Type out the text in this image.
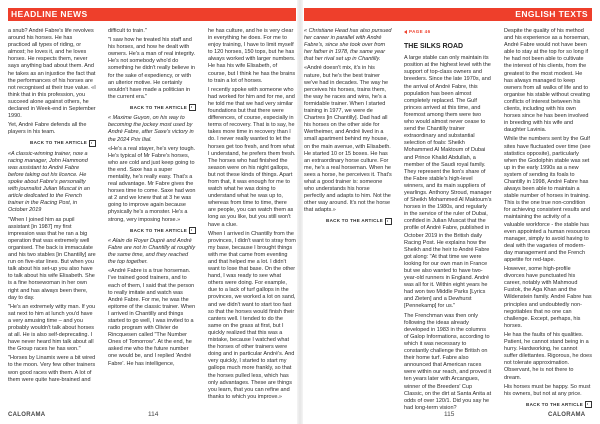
HEADLINE NEWS

a snub? André Fabre's life revolves around his horses. He has practiced all types of riding, or almost; he loves it, and he loves horses. He respects them, never says anything bad about them. And he takes as an injustice the fact that the performances of his horses are not recognised at their true value. «I think that in this profession, you succeed alone against others, he declared in Week-end in September 1990.

Yet, André Fabre defends all the players in his team.

BACK TO THE ARTICLE

«A classic-winning trainer, now a racing manager, John Hammond was assistant to André Fabre before taking out his licence. He spoke about Fabre's personality with journalist Julian Muscat in an article dedicated to the French trainer in the Racing Post, in October 2019

"When I joined him as pupil assistant [in 1987] my first impression was that he ran a big operation that was extremely well organised. The back is immaculate and his two stables [in Chantilly] are run on five-star lines. But when you talk about his set-up you also have to talk about his wife Elisabeth. She is a fine horsewoman in her own right and has always been there, day to day.

"He's an extremely witty man. If you sat next to him at lunch you'd have a very amusing time – and you probably wouldn't talk about horses at all. He is also self-deprecating. I have never heard him talk about all the Group races he has won."

"Horses by Linamix were a bit wired to the moon. Very few other trainers won good races with them. A lot of them were quite hare-brained and

difficult to train."

"I saw how he treated his staff and his horses, and how he dealt with owners. He's a man of real integrity. He's not somebody who'd do something he didn't really believe in for the sake of expediency, or with an ulterior motive. He certainly wouldn't have made a politician in the current era."

BACK TO THE ARTICLE

« Maxime Guyon, on his way to becoming the jockey most used by André Fabre, after Saxe's victory in the 2024 Prix Ilial.

«He's a real stayer, he's very tough. He's typical of Mr Fabre's horses, who are cold and just keep going to the end. Saxe has a super mentality, he's really easy. That's a real advantage. Mr Fabre gives the horses time to come. Saxe had won at 2 and we knew that at 3 he was going to improve again because physically he's a monster. He's a strong, very imposing horse.»

BACK TO THE ARTICLE

« Alain de Royer Dupré and André Fabre are not in Chantilly at roughly the same time, and they reached the top together.

«André Fabre is a true horseman. I've trained good trainers, and to each of them, I said that the person to really imitate and watch was André Fabre. For me, he was the epitome of the classic trainer. When I arrived in Chantilly and things started to go well, I was invited to a radio program with Olivier de Rincquesen called "The Number Ones of Tomorrow". At the end, he asked me who the future number one would be, and I replied 'André Fabre'. He has intelligence,

he has culture, and he is very clear in everything he does. For me to enjoy training, I have to limit myself to 120 horses, 150 tops, but he has always worked with larger numbers. He has his wife Elisabeth, of course, but I think he has the brains to train a lot of horses.

I recently spoke with someone who had worked for him and for me, and he told me that we had very similar foundations but that there were differences, of course, especially in terms of recovery. That is to say, he takes more time in recovery than I do. I never really wanted to let the horses get too fresh, and from what I understand, he prefers them fresh. The horses who had finished the season were on his night gallops, but not these kinds of things. Apart from that, it was enough for me to watch what he was doing to understand what he was up to, whereas from time to time, there are people, you can watch them as long as you like, but you still won't have a clue.

When I arrived in Chantilly from the provinces, I didn't want to stray from my base, because I brought things with me that came from eventing and that helped me a lot. I didn't want to lose that base. On the other hand, I was ready to see what others were doing. For example, due to a lack of turf gallops in the provinces, we worked a lot on sand, and we didn't want to start too fast so that the horses would finish their canters well. I tended to do the same on the grass at first, but I quickly realized that this was a mistake, because I watched what the horses of other trainers were doing and in particular André's. And very quickly, I started to start my gallops much more frankly, so that the horses pulled less, which has only advantages. These are things you learn, that you can refine and thanks to which you improve.»

CALORAMA	114
ENGLISH TEXTS

« Christiane Head has also pursued her career in parallel with André Fabre's, since she took over from her father in 1978, the same year that her rival set up in Chantilly.

«André doesn't mix, it's in his nature, but he's the best trainer we've had in decades. The way he perceives his horses, trains them, the way he races and wins, he's a formidable trainer. When I started training in 1977, we were de Chartres [in Chantilly]. Dad had all his horses on the other side for Wertheimer, and André lived in a small apartment behind my house, on the main avenue, with Elisabeth. He started 10 or 15 boxes. He has an extraordinary horse culture. For me, he's a real horseman. When he sees a horse, he perceives it. That's what a good trainer is: someone who understands his horse perfectly and adapts to him. Not the other way around. It's not the horse that adapts.»

BACK TO THE ARTICLE
PAGE 46
THE SILKS ROAD

A large stable can only maintain its position at the highest level with the support of top-class owners and breeders. Since the late 1970s, and the arrival of André Fabre, this population has been almost completely replaced. The Gulf princes arrived at this time, and foremost among them were two who would almost never cease to send the Chantilly trainer extraordinary and substantial selection of foals: Sheikh Mohammed Al Maktoum of Dubai and Prince Khalid Abdullah, a member of the Saudi royal family. They represent the lion's share of the Fabre stable's high-level winners, and its main suppliers of yearlings. Anthony Stroud, manager of Sheikh Mohammed Al Maktoum's horses in the 1980s, and regularly in the service of the ruler of Dubai, confided in Julian Muscat that the profile of André Fabre, published in October 2019 in the British daily Racing Post. He explains how the Sheikh and the heir to André Fabre got along: "At that time we were looking for our own man in France but we also wanted to have two-year-old runners in England. André was all for it. Within eight years he had won two Middle Parks [Lyrics and Zieten] and a Dewhurst [Pennekamp] for us."

The Frenchman was then only following the ideas already developed in 1983 in the columns of Galop Informations, according to which it was necessary to constantly challenge the British on their home turf. Fabre also announced that American races were within our reach, and proved it ten years later with Arcangues, winner of the Breeders' Cup Classic, on the dirt at Santa Anita at odds of over 120/1. Did you say he had long-term vision?

Despite the quality of his method and his experience as a horseman, André Fabre would not have been able to stay at the top for so long if he had not been able to cultivate the interest of his clients, from the greatest to the most modest. He has always managed to keep owners from all walks of life and to organise his stable without creating conflicts of interest between his clients, including with his own horses since he has been involved in breeding with his wife and daughter Lavinia.

While the numbers sent by the Gulf sites have fluctuated over time (see statistics opposite), particularly when the Godolphin stable was set up in the early 1990s as a new system of sending its foals to Chantilly in 1998, André Fabre has always been able to maintain a stable number of horses in training. This is the one true non-condition for achieving consistent results and maintaining the activity of a valuable workforce - the stable has even appointed a human resources manager, simply to avoid having to deal with the vagaries of modern-day management and the French appetite for red-tape.

However, some high-profile divorces have punctuated his career, notably with Mahmoud Fustok, the Aga Khan and the Wildenstein family. André Fabre has principles and undoubtedly non-negotiables that no one can challenge. Except, perhaps, his horses.

He has the faults of his qualities. Patient, he cannot stand being in a hurry. Hardworking, he cannot suffer dilettantes. Rigorous, he does not tolerate approximation. Observant, he is not there to dream.

His horses must be happy. So must his owners, but not at any price.

BACK TO THE ARTICLE
115	CALORAMA
